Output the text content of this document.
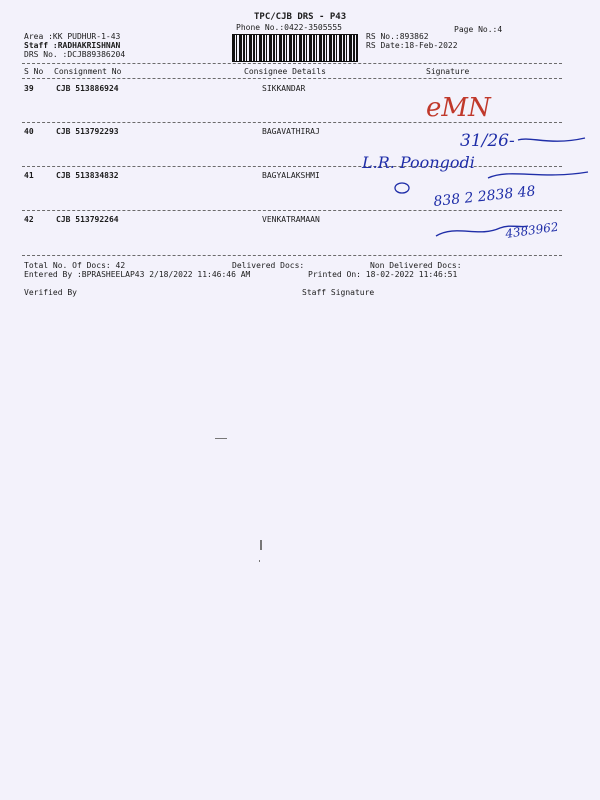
TPC/CJB DRS - P43
Phone No.:0422-3505555	Page No.:4
Area :KK PUDHUR-1-43
Staff :RADHAKRISHNAN
DRS No. :DCJB89386204
RS No.:893862
RS Date:18-Feb-2022
S No Consignment No	Consignee Details	Signature
39	CJB 513886924	SIKKANDAR
40	CJB 513792293	BAGAVATHIRAJ
41	CJB 513834832	BAGYALAKSHMI
42	CJB 513792264	VENKATRAMAAN
eMN
31/26-
L.R. Poongodi
838 2 2838 48
4383962
Total No. Of Docs: 42	Delivered Docs:	Non Delivered Docs:
Entered By :BPRASHEELAP43 2/18/2022 11:46:46 AM	Printed On: 18-02-2022 11:46:51
Verified By	Staff Signature
